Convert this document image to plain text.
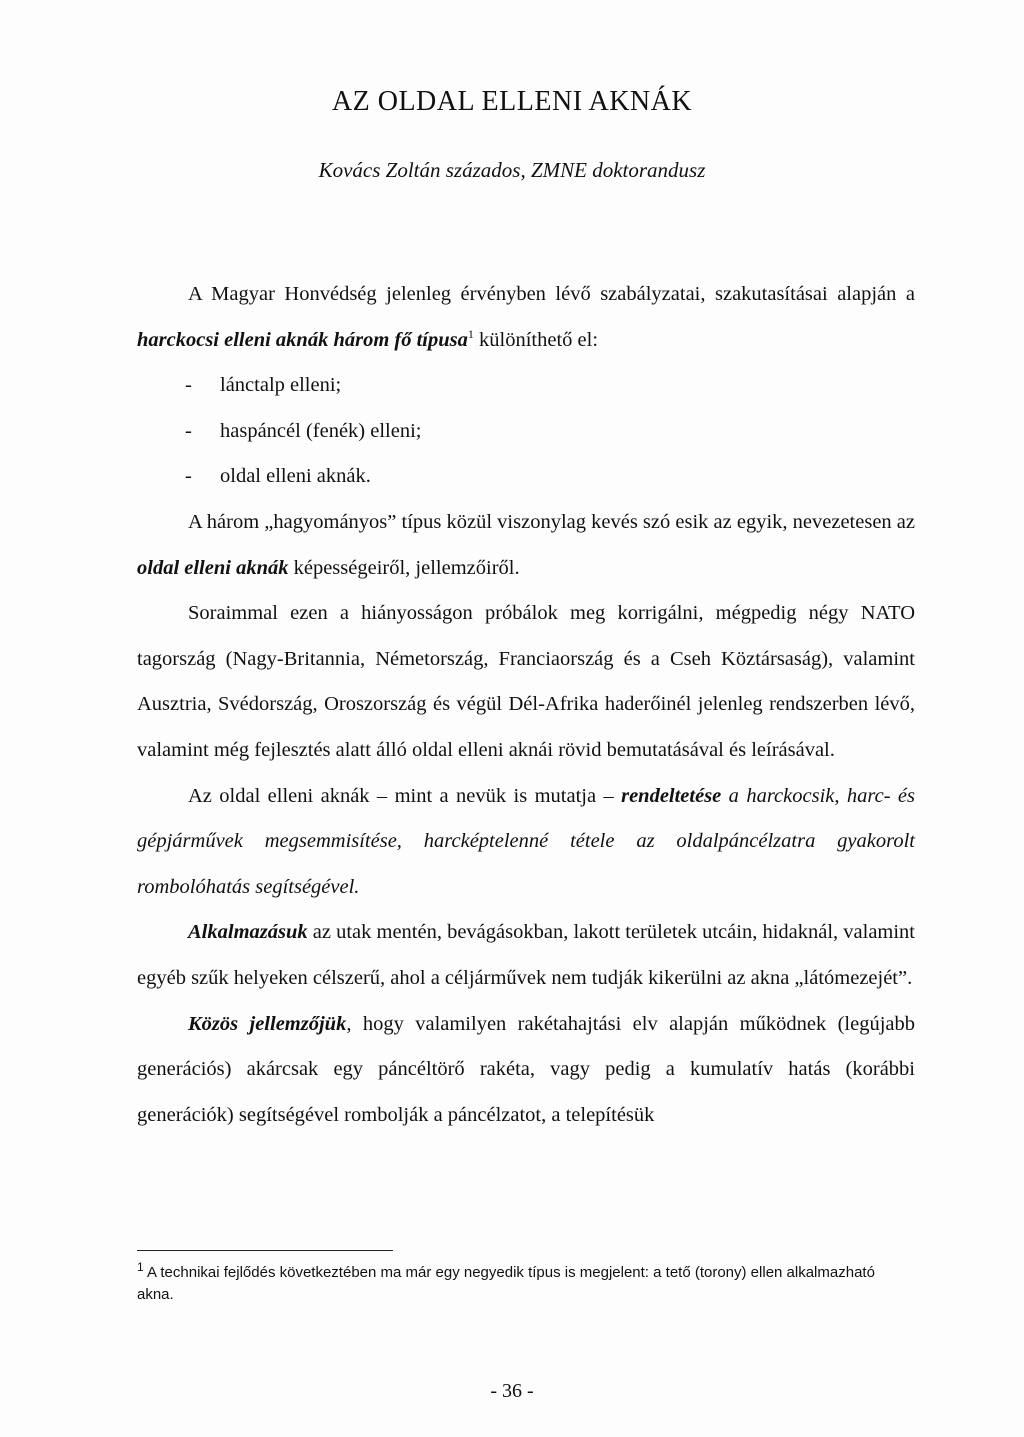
AZ OLDAL ELLENI AKNÁK
Kovács Zoltán százados, ZMNE doktorandusz

A Magyar Honvédség jelenleg érvényben lévő szabályzatai, szakutasításai alapján a harckocsi elleni aknák három fő típusa$^1$ különíthető el:

- lánctalp elleni;
- haspáncél (fenék) elleni;
- oldal elleni aknák.

A három „hagyományos” típus közül viszonylag kevés szó esik az egyik, nevezetesen az oldal elleni aknák képességeiről, jellemzőiről.

Soraimmal ezen a hiányosságon próbálok meg korrigálni, mégpedig négy NATO tagország (Nagy-Britannia, Németország, Franciaország és a Cseh Köztársaság), valamint Ausztria, Svédország, Oroszország és végül Dél-Afrika haderőinél jelenleg rendszerben lévő, valamint még fejlesztés alatt álló oldal elleni aknái rövid bemutatásával és leírásával.

Az oldal elleni aknák – mint a nevük is mutatja – rendeltetése a harckocsik, harc- és gépjárművek megsemmisítése, harcképtelenné tétele az oldalpáncélzatra gyakorolt rombolóhatás segítségével.

Alkalmazásuk az utak mentén, bevágásokban, lakott területek utcáin, hidaknál, valamint egyéb szűk helyeken célszerű, ahol a céljárművek nem tudják kikerülni az akna „látómezejét”.

Közös jellemzőjük, hogy valamilyen rakétahajtási elv alapján működnek (legújabb generációs) akárcsak egy páncéltörő rakéta, vagy pedig a kumulatív hatás (korábbi generációk) segítségével rombolják a páncélzatot, a telepítésük

$^1$ A technikai fejlődés következtében ma már egy negyedik típus is megjelent: a tető (torony) ellen alkalmazható akna.
- 36 -
